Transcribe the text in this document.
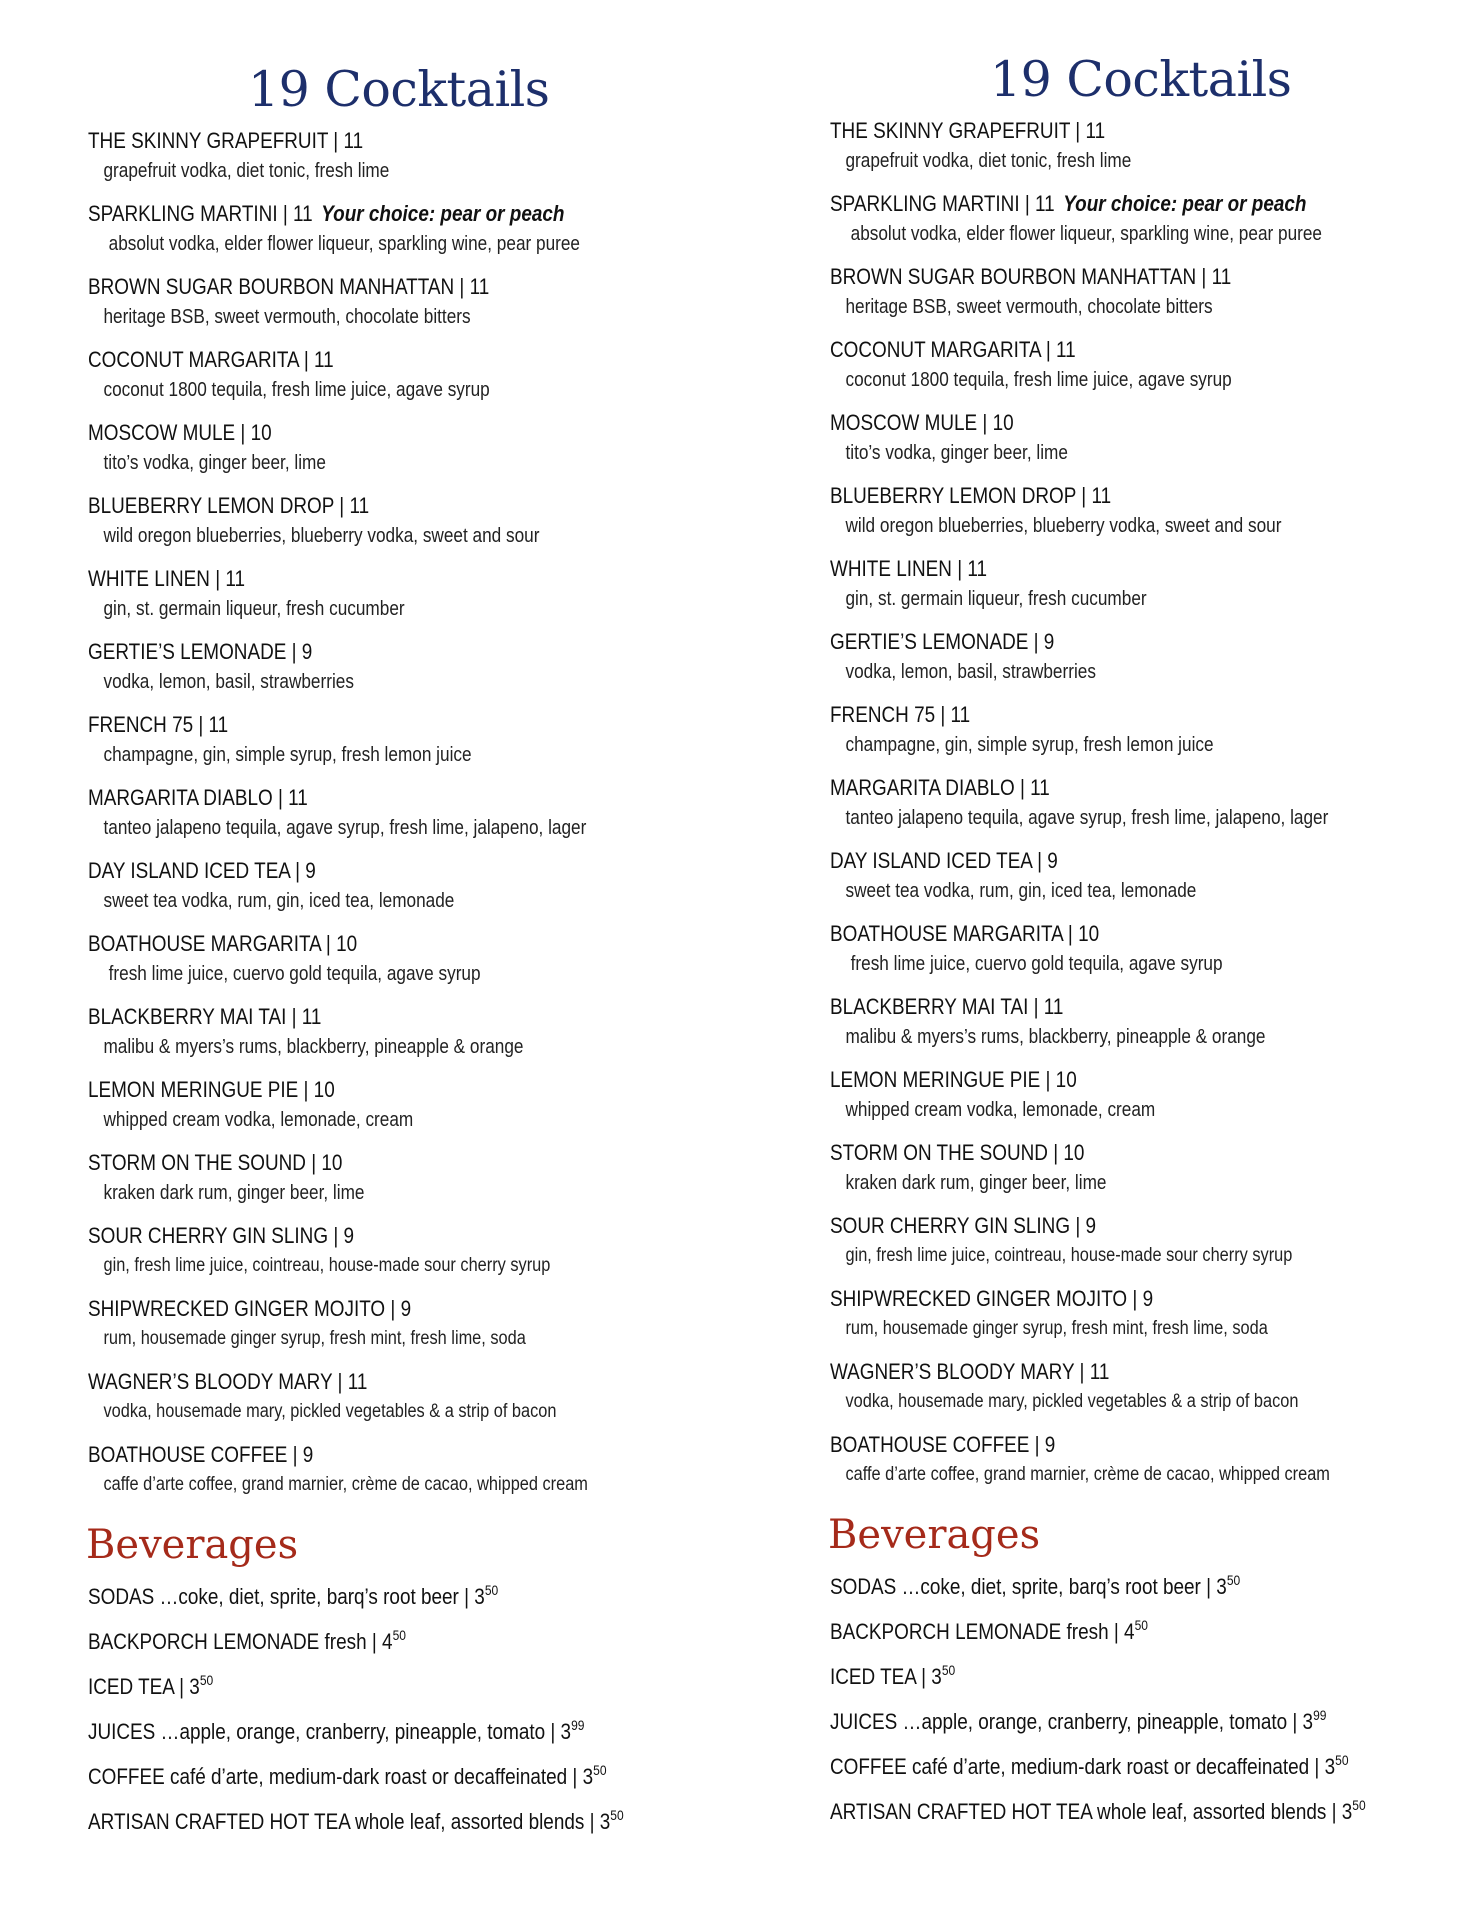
19 Cocktails
THE SKINNY GRAPEFRUIT | 11
grapefruit vodka, diet tonic, fresh lime
SPARKLING MARTINI | 11 Your choice: pear or peach
absolut vodka, elder flower liqueur, sparkling wine, pear puree
BROWN SUGAR BOURBON MANHATTAN | 11
heritage BSB, sweet vermouth, chocolate bitters
COCONUT MARGARITA | 11
coconut 1800 tequila, fresh lime juice, agave syrup
MOSCOW MULE | 10
tito’s vodka, ginger beer, lime
BLUEBERRY LEMON DROP | 11
wild oregon blueberries, blueberry vodka, sweet and sour
WHITE LINEN | 11
gin, st. germain liqueur, fresh cucumber
GERTIE’S LEMONADE | 9
vodka, lemon, basil, strawberries
FRENCH 75 | 11
champagne, gin, simple syrup, fresh lemon juice
MARGARITA DIABLO | 11
tanteo jalapeno tequila, agave syrup, fresh lime, jalapeno, lager
DAY ISLAND ICED TEA | 9
sweet tea vodka, rum, gin, iced tea, lemonade
BOATHOUSE MARGARITA | 10
fresh lime juice, cuervo gold tequila, agave syrup
BLACKBERRY MAI TAI | 11
malibu & myers’s rums, blackberry, pineapple & orange
LEMON MERINGUE PIE | 10
whipped cream vodka, lemonade, cream
STORM ON THE SOUND | 10
kraken dark rum, ginger beer, lime
SOUR CHERRY GIN SLING | 9
gin, fresh lime juice, cointreau, house-made sour cherry syrup
SHIPWRECKED GINGER MOJITO | 9
rum, housemade ginger syrup, fresh mint, fresh lime, soda
WAGNER’S BLOODY MARY | 11
vodka, housemade mary, pickled vegetables & a strip of bacon
BOATHOUSE COFFEE | 9
caffe d’arte coffee, grand marnier, crème de cacao, whipped cream
Beverages
SODAS …coke, diet, sprite, barq’s root beer | $3^{50}$
BACKPORCH LEMONADE fresh | $4^{50}$
ICED TEA | $3^{50}$
JUICES …apple, orange, cranberry, pineapple, tomato | $3^{99}$
COFFEE café d’arte, medium-dark roast or decaffeinated | $3^{50}$
ARTISAN CRAFTED HOT TEA whole leaf, assorted blends | $3^{50}$
19 Cocktails
THE SKINNY GRAPEFRUIT | 11
grapefruit vodka, diet tonic, fresh lime
SPARKLING MARTINI | 11 Your choice: pear or peach
absolut vodka, elder flower liqueur, sparkling wine, pear puree
BROWN SUGAR BOURBON MANHATTAN | 11
heritage BSB, sweet vermouth, chocolate bitters
COCONUT MARGARITA | 11
coconut 1800 tequila, fresh lime juice, agave syrup
MOSCOW MULE | 10
tito’s vodka, ginger beer, lime
BLUEBERRY LEMON DROP | 11
wild oregon blueberries, blueberry vodka, sweet and sour
WHITE LINEN | 11
gin, st. germain liqueur, fresh cucumber
GERTIE’S LEMONADE | 9
vodka, lemon, basil, strawberries
FRENCH 75 | 11
champagne, gin, simple syrup, fresh lemon juice
MARGARITA DIABLO | 11
tanteo jalapeno tequila, agave syrup, fresh lime, jalapeno, lager
DAY ISLAND ICED TEA | 9
sweet tea vodka, rum, gin, iced tea, lemonade
BOATHOUSE MARGARITA | 10
fresh lime juice, cuervo gold tequila, agave syrup
BLACKBERRY MAI TAI | 11
malibu & myers’s rums, blackberry, pineapple & orange
LEMON MERINGUE PIE | 10
whipped cream vodka, lemonade, cream
STORM ON THE SOUND | 10
kraken dark rum, ginger beer, lime
SOUR CHERRY GIN SLING | 9
gin, fresh lime juice, cointreau, house-made sour cherry syrup
SHIPWRECKED GINGER MOJITO | 9
rum, housemade ginger syrup, fresh mint, fresh lime, soda
WAGNER’S BLOODY MARY | 11
vodka, housemade mary, pickled vegetables & a strip of bacon
BOATHOUSE COFFEE | 9
caffe d’arte coffee, grand marnier, crème de cacao, whipped cream
Beverages
SODAS …coke, diet, sprite, barq’s root beer | $3^{50}$
BACKPORCH LEMONADE fresh | $4^{50}$
ICED TEA | $3^{50}$
JUICES …apple, orange, cranberry, pineapple, tomato | $3^{99}$
COFFEE café d’arte, medium-dark roast or decaffeinated | $3^{50}$
ARTISAN CRAFTED HOT TEA whole leaf, assorted blends | $3^{50}$
